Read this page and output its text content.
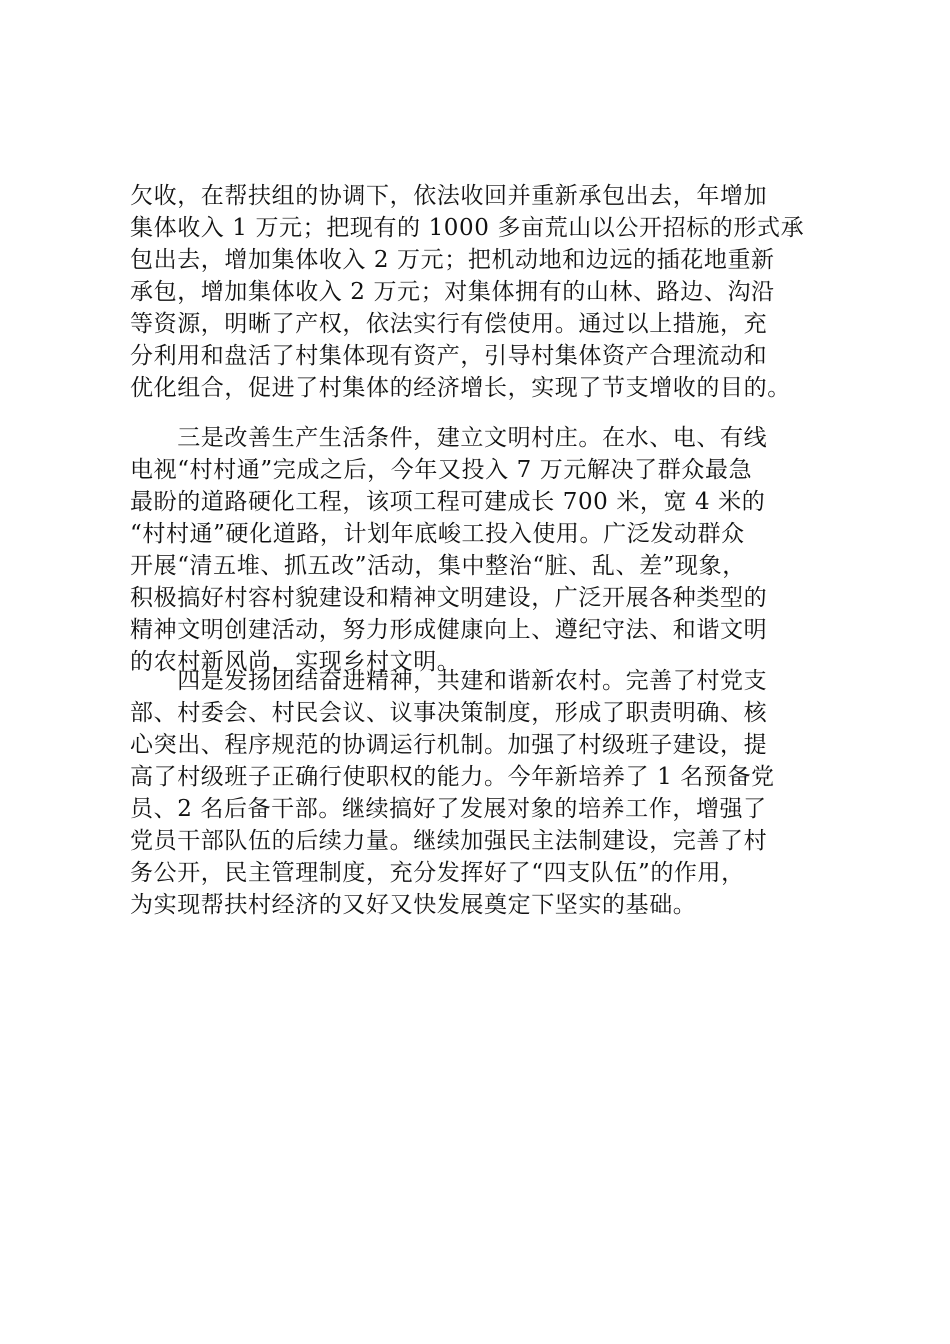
欠收，在帮扶组的协调下，依法收回并重新承包出去，年增加
集体收入 1 万元；把现有的 1000 多亩荒山以公开招标的形式承
包出去，增加集体收入 2 万元；把机动地和边远的插花地重新
承包，增加集体收入 2 万元；对集体拥有的山林、路边、沟沿
等资源，明晰了产权，依法实行有偿使用。通过以上措施，充
分利用和盘活了村集体现有资产，引导村集体资产合理流动和
优化组合，促进了村集体的经济增长，实现了节支增收的目的。
　　三是改善生产生活条件，建立文明村庄。在水、电、有线
电视“村村通”完成之后，今年又投入 7 万元解决了群众最急
最盼的道路硬化工程，该项工程可建成长 700 米，宽 4 米的
“村村通”硬化道路，计划年底峻工投入使用。广泛发动群众
开展“清五堆、抓五改”活动，集中整治“脏、乱、差”现象，
积极搞好村容村貌建设和精神文明建设，广泛开展各种类型的
精神文明创建活动，努力形成健康向上、遵纪守法、和谐文明
的农村新风尚，实现乡村文明。
　　四是发扬团结奋进精神，共建和谐新农村。完善了村党支
部、村委会、村民会议、议事决策制度，形成了职责明确、核
心突出、程序规范的协调运行机制。加强了村级班子建设，提
高了村级班子正确行使职权的能力。今年新培养了 1 名预备党
员、2 名后备干部。继续搞好了发展对象的培养工作，增强了
党员干部队伍的后续力量。继续加强民主法制建设，完善了村
务公开，民主管理制度，充分发挥好了“四支队伍”的作用，
为实现帮扶村经济的又好又快发展奠定下坚实的基础。
